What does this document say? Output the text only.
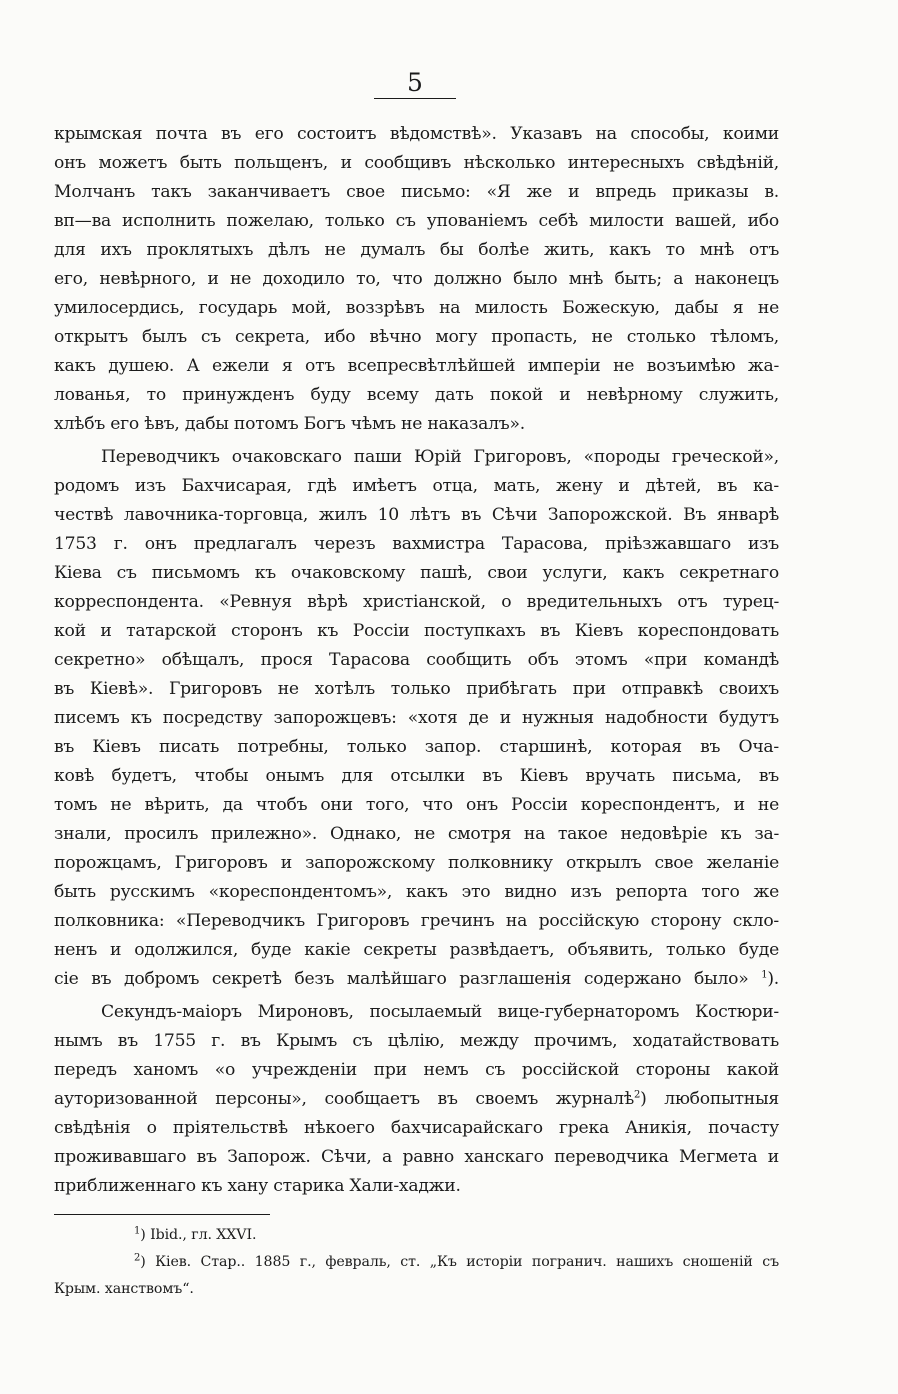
5
крымская почта въ его состоитъ вѣдомствѣ». Указавъ на способы, коими
онъ можетъ быть польщенъ, и сообщивъ нѣсколько интересныхъ свѣдѣній,
Молчанъ такъ заканчиваетъ свое письмо: «Я же и впредь приказы в.
вп—ва исполнить пожелаю, только съ упованіемъ себѣ милости вашей, ибо
для ихъ проклятыхъ дѣлъ не думалъ бы болѣе жить, какъ то мнѣ отъ
его, невѣрного, и не доходило то, что должно было мнѣ быть; а наконецъ
умилосердись, государь мой, воззрѣвъ на милость Божескую, дабы я не
открытъ былъ съ секрета, ибо вѣчно могу пропасть, не столько тѣломъ,
какъ душею. А ежели я отъ всепресвѣтлѣйшей имперіи не возъимѣю жа-
лованья, то принужденъ буду всему дать покой и невѣрному служить,
хлѣбъ его ѣвъ, дабы потомъ Богъ чѣмъ не наказалъ».
Переводчикъ очаковскаго паши Юрій Григоровъ, «породы греческой»,
родомъ изъ Бахчисарая, гдѣ имѣетъ отца, мать, жену и дѣтей, въ ка-
чествѣ лавочника-торговца, жилъ 10 лѣтъ въ Сѣчи Запорожской. Въ январѣ
1753 г. онъ предлагалъ черезъ вахмистра Тарасова, пріѣзжавшаго изъ
Кіева съ письмомъ къ очаковскому пашѣ, свои услуги, какъ секретнаго
корреспондента. «Ревнуя вѣрѣ христіанской, о вредительныхъ отъ турец-
кой и татарской сторонъ къ Россіи поступкахъ въ Кіевъ кореспондовать
секретно» обѣщалъ, прося Тарасова сообщить объ этомъ «при командѣ
въ Кіевѣ». Григоровъ не хотѣлъ только прибѣгать при отправкѣ своихъ
писемъ къ посредству запорожцевъ: «хотя де и нужныя надобности будутъ
въ Кіевъ писать потребны, только запор. старшинѣ, которая въ Оча-
ковѣ будетъ, чтобы онымъ для отсылки въ Кіевъ вручать письма, въ
томъ не вѣрить, да чтобъ они того, что онъ Россіи кореспондентъ, и не
знали, просилъ прилежно». Однако, не смотря на такое недовѣріе къ за-
порожцамъ, Григоровъ и запорожскому полковнику открылъ свое желаніе
быть русскимъ «кореспондентомъ», какъ это видно изъ репорта того же
полковника: «Переводчикъ Григоровъ гречинъ на россійскую сторону скло-
ненъ и одолжился, буде какіе секреты развѣдаетъ, объявить, только буде
сіе въ добромъ секретѣ безъ малѣйшаго разглашенія содержано было» $^1$).
Секундъ-маіоръ Мироновъ, посылаемый вице-губернаторомъ Костюри-
нымъ въ 1755 г. въ Крымъ съ цѣлію, между прочимъ, ходатайствовать
передъ ханомъ «о учрежденіи при немъ съ россійской стороны какой
ауторизованной персоны», сообщаетъ въ своемъ журналѣ$^2$) любопытныя
свѣдѣнія о пріятельствѣ нѣкоего бахчисарайскаго грека Аникія, почасту
проживавшаго въ Запорож. Сѣчи, а равно ханскаго переводчика Мегмета и
приближеннаго къ хану старика Хали-хаджи.
$^1$) Ibid., гл. XXVI.
$^2$) Кіев. Стар.. 1885 г., февраль, ст. „Къ исторіи погранич. нашихъ сношеній съ
Крым. ханствомъ“.
